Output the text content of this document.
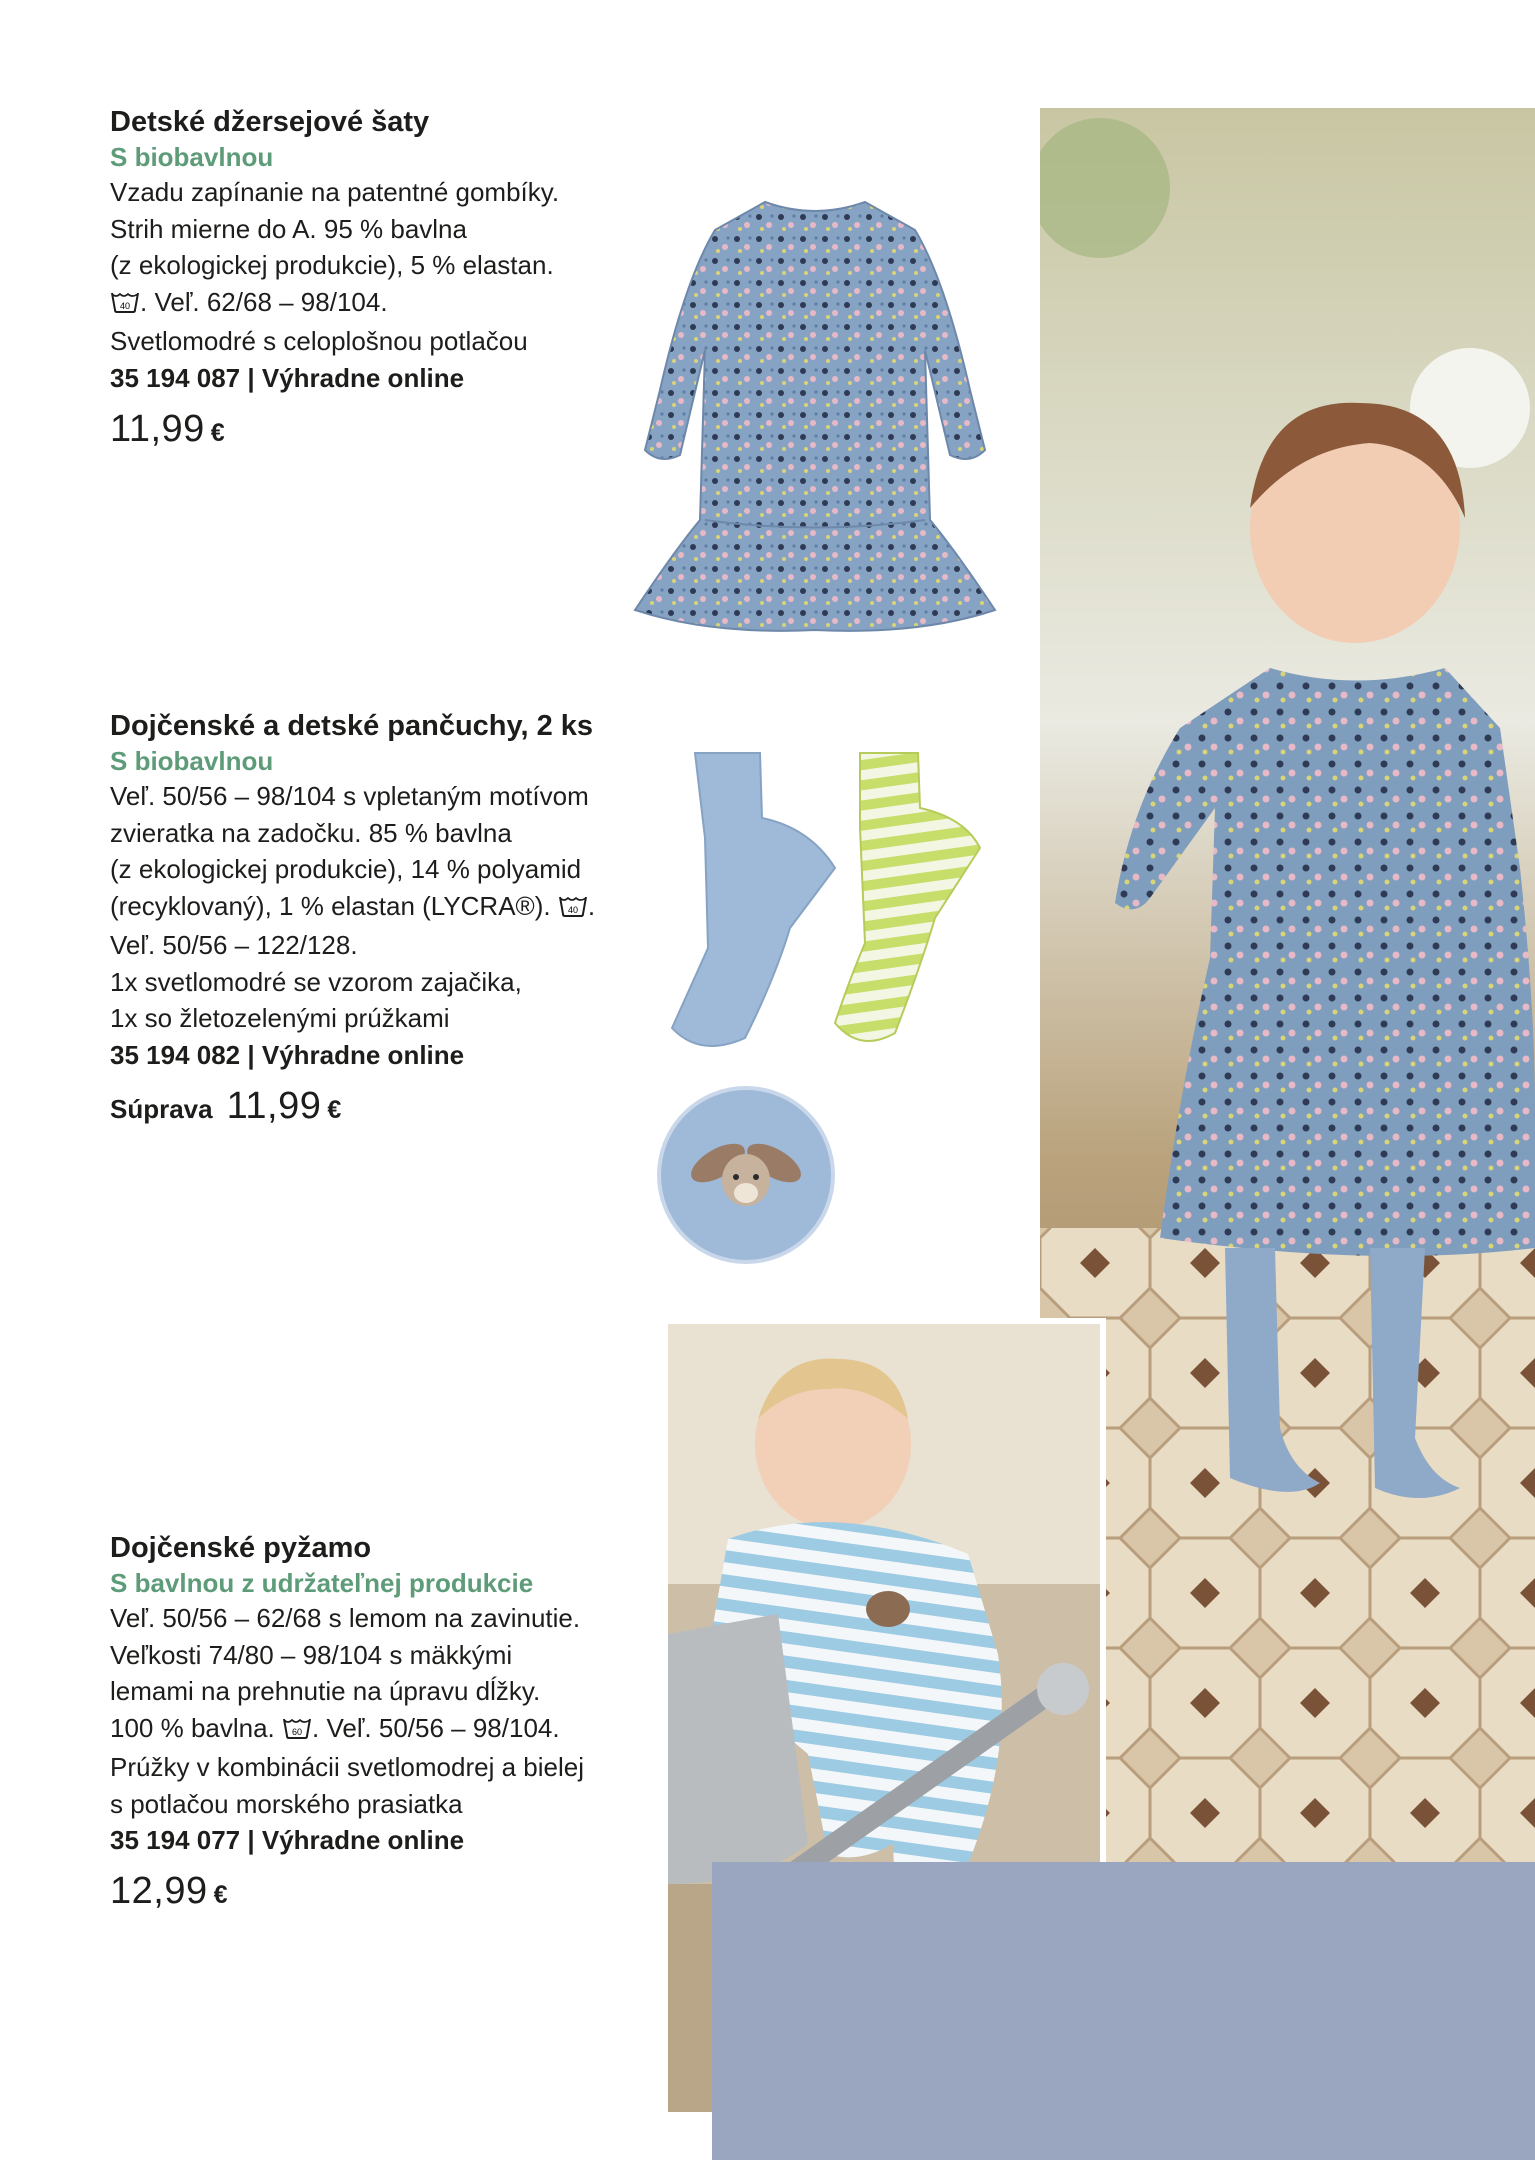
Detské džersejové šaty

S biobavlnou

Vzadu zapínanie na patentné gombíky.
Strih mierne do A. 95 % bavlna
(z ekologickej produkcie), 5 % elastan.

40 . Veľ. 62/68 – 98/104.
Svetlomodré s celoplošnou potlačou

35 194 087 | Výhradne online

11,99 €

Dojčenské a detské pančuchy, 2 ks

S biobavlnou

Veľ. 50/56 – 98/104 s vpletaným motívom
zvieratka na zadočku. 85 % bavlna
(z ekologickej produkcie), 14 % polyamid
(recyklovaný), 1 % elastan (LYCRA®). 40 .
Veľ. 50/56 – 122/128.
1x svetlomodré se vzorom zajačika,
1x so žletozelenými prúžkami

35 194 082 | Výhradne online

Súprava 11,99 €

Dojčenské pyžamo

S bavlnou z udržateľnej produkcie

Veľ. 50/56 – 62/68 s lemom na zavinutie.
Veľkosti 74/80 – 98/104 s mäkkými
lemami na prehnutie na úpravu dĺžky.
100 % bavlna. 60 . Veľ. 50/56 – 98/104.
Prúžky v kombinácii svetlomodrej a bielej
s potlačou morského prasiatka

35 194 077 | Výhradne online

12,99 €
